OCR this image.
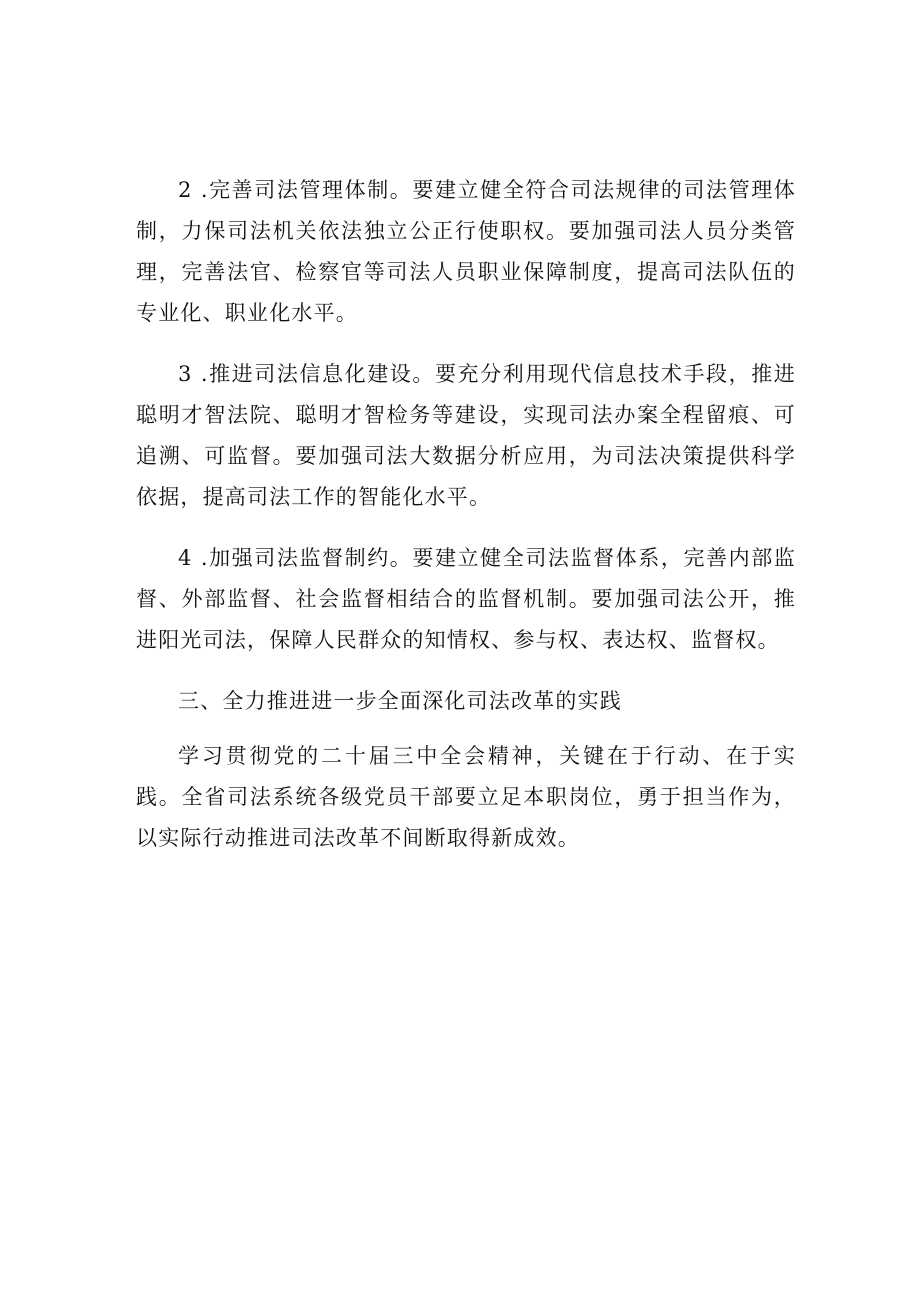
2 .完善司法管理体制。要建立健全符合司法规律的司法管理体制，力保司法机关依法独立公正行使职权。要加强司法人员分类管理，完善法官、检察官等司法人员职业保障制度，提高司法队伍的专业化、职业化水平。

3 .推进司法信息化建设。要充分利用现代信息技术手段，推进聪明才智法院、聪明才智检务等建设，实现司法办案全程留痕、可追溯、可监督。要加强司法大数据分析应用，为司法决策提供科学依据，提高司法工作的智能化水平。

4 .加强司法监督制约。要建立健全司法监督体系，完善内部监督、外部监督、社会监督相结合的监督机制。要加强司法公开，推进阳光司法，保障人民群众的知情权、参与权、表达权、监督权。

三、全力推进进一步全面深化司法改革的实践

学习贯彻党的二十届三中全会精神，关键在于行动、在于实践。全省司法系统各级党员干部要立足本职岗位，勇于担当作为，以实际行动推进司法改革不间断取得新成效。
